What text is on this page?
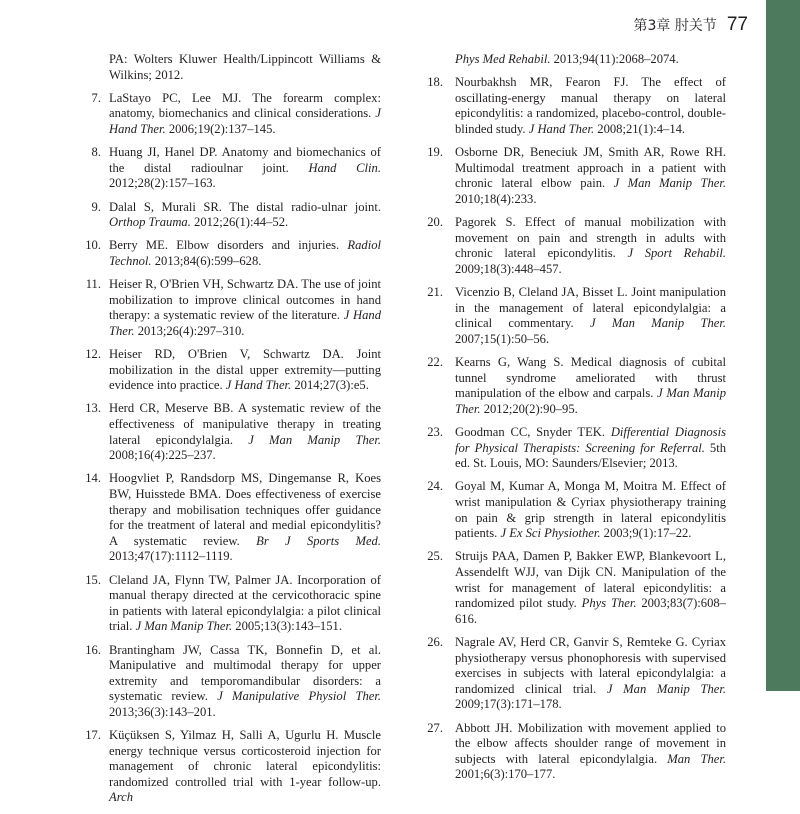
第3章 肘关节 77

PA: Wolters Kluwer Health/Lippincott Williams & Wilkins; 2012.

7. LaStayo PC, Lee MJ. The forearm complex: anatomy, biomechanics and clinical considerations. J Hand Ther. 2006;19(2):137–145.

8. Huang JI, Hanel DP. Anatomy and biomechanics of the distal radioulnar joint. Hand Clin. 2012;28(2):157–163.

9. Dalal S, Murali SR. The distal radio-ulnar joint. Orthop Trauma. 2012;26(1):44–52.

10. Berry ME. Elbow disorders and injuries. Radiol Technol. 2013;84(6):599–628.

11. Heiser R, O'Brien VH, Schwartz DA. The use of joint mobilization to improve clinical outcomes in hand therapy: a systematic review of the literature. J Hand Ther. 2013;26(4):297–310.

12. Heiser RD, O'Brien V, Schwartz DA. Joint mobilization in the distal upper extremity—putting evidence into practice. J Hand Ther. 2014;27(3):e5.

13. Herd CR, Meserve BB. A systematic review of the effectiveness of manipulative therapy in treating lateral epicondylalgia. J Man Manip Ther. 2008;16(4):225–237.

14. Hoogvliet P, Randsdorp MS, Dingemanse R, Koes BW, Huisstede BMA. Does effectiveness of exercise therapy and mobilisation techniques offer guidance for the treatment of lateral and medial epicondylitis? A systematic review. Br J Sports Med. 2013;47(17):1112–1119.

15. Cleland JA, Flynn TW, Palmer JA. Incorporation of manual therapy directed at the cervicothoracic spine in patients with lateral epicondylalgia: a pilot clinical trial. J Man Manip Ther. 2005;13(3):143–151.

16. Brantingham JW, Cassa TK, Bonnefin D, et al. Manipulative and multimodal therapy for upper extremity and temporomandibular disorders: a systematic review. J Manipulative Physiol Ther. 2013;36(3):143–201.

17. Küçüksen S, Yilmaz H, Salli A, Ugurlu H. Muscle energy technique versus corticosteroid injection for management of chronic lateral epicondylitis: randomized controlled trial with 1-year follow-up. Arch

Phys Med Rehabil. 2013;94(11):2068–2074.

18. Nourbakhsh MR, Fearon FJ. The effect of oscillating-energy manual therapy on lateral epicondylitis: a randomized, placebo-control, double-blinded study. J Hand Ther. 2008;21(1):4–14.

19. Osborne DR, Beneciuk JM, Smith AR, Rowe RH. Multimodal treatment approach in a patient with chronic lateral elbow pain. J Man Manip Ther. 2010;18(4):233.

20. Pagorek S. Effect of manual mobilization with movement on pain and strength in adults with chronic lateral epicondylitis. J Sport Rehabil. 2009;18(3):448–457.

21. Vicenzio B, Cleland JA, Bisset L. Joint manipulation in the management of lateral epicondylalgia: a clinical commentary. J Man Manip Ther. 2007;15(1):50–56.

22. Kearns G, Wang S. Medical diagnosis of cubital tunnel syndrome ameliorated with thrust manipulation of the elbow and carpals. J Man Manip Ther. 2012;20(2):90–95.

23. Goodman CC, Snyder TEK. Differential Diagnosis for Physical Therapists: Screening for Referral. 5th ed. St. Louis, MO: Saunders/Elsevier; 2013.

24. Goyal M, Kumar A, Monga M, Moitra M. Effect of wrist manipulation & Cyriax physiotherapy training on pain & grip strength in lateral epicondylitis patients. J Ex Sci Physiother. 2003;9(1):17–22.

25. Struijs PAA, Damen P, Bakker EWP, Blankevoort L, Assendelft WJJ, van Dijk CN. Manipulation of the wrist for management of lateral epicondylitis: a randomized pilot study. Phys Ther. 2003;83(7):608–616.

26. Nagrale AV, Herd CR, Ganvir S, Remteke G. Cyriax physiotherapy versus phonophoresis with supervised exercises in subjects with lateral epicondylalgia: a randomized clinical trial. J Man Manip Ther. 2009;17(3):171–178.

27. Abbott JH. Mobilization with movement applied to the elbow affects shoulder range of movement in subjects with lateral epicondylalgia. Man Ther. 2001;6(3):170–177.
